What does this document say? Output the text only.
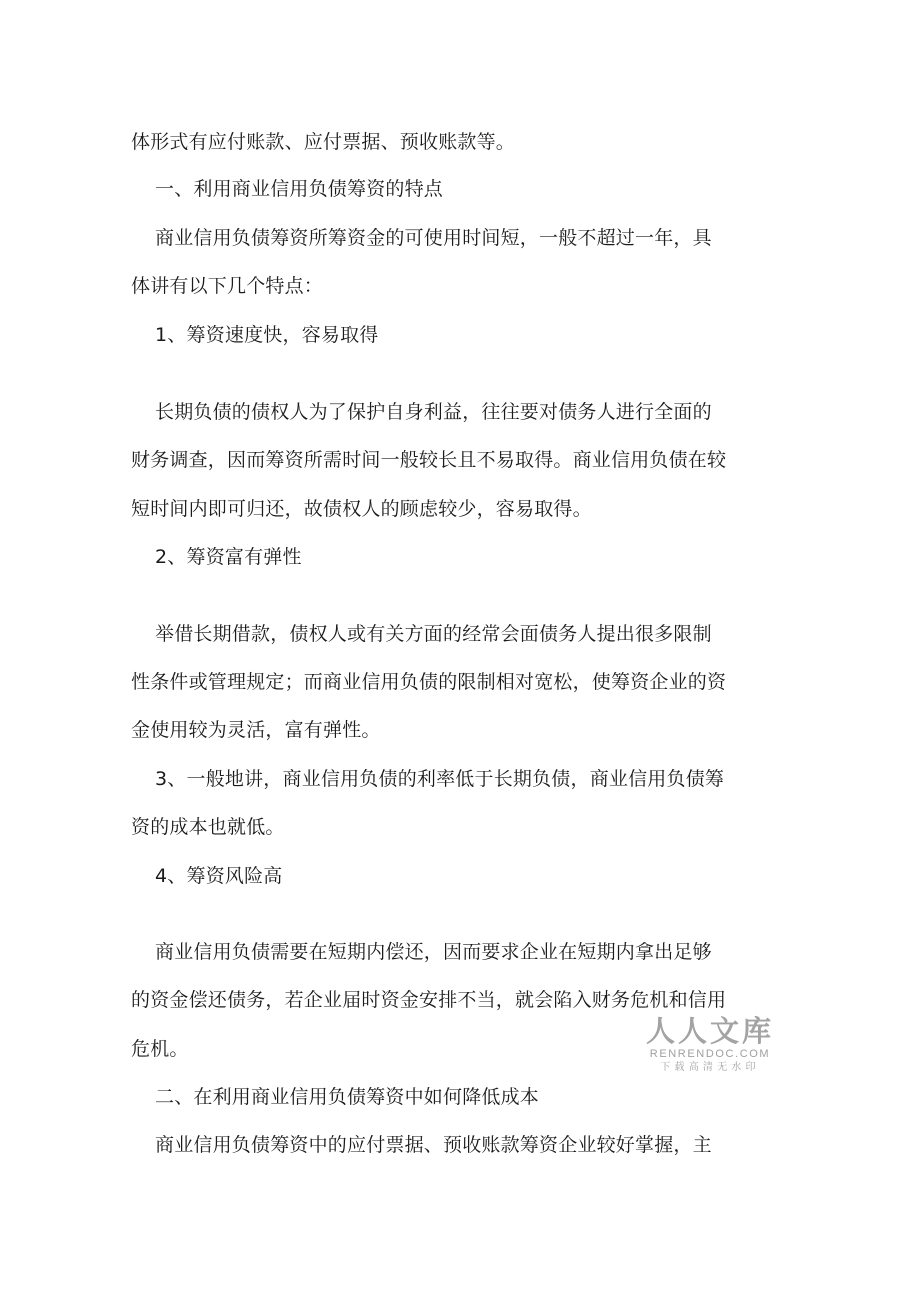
体形式有应付账款、应付票据、预收账款等。
一、利用商业信用负债筹资的特点
商业信用负债筹资所筹资金的可使用时间短，一般不超过一年，具
体讲有以下几个特点：
1、筹资速度快，容易取得
长期负债的债权人为了保护自身利益，往往要对债务人进行全面的
财务调查，因而筹资所需时间一般较长且不易取得。商业信用负债在较
短时间内即可归还，故债权人的顾虑较少，容易取得。
2、筹资富有弹性
举借长期借款，债权人或有关方面的经常会面债务人提出很多限制
性条件或管理规定；而商业信用负债的限制相对宽松，使筹资企业的资
金使用较为灵活，富有弹性。
3、一般地讲，商业信用负债的利率低于长期负债，商业信用负债筹
资的成本也就低。
4、筹资风险高
商业信用负债需要在短期内偿还，因而要求企业在短期内拿出足够
的资金偿还债务，若企业届时资金安排不当，就会陷入财务危机和信用
危机。
二、在利用商业信用负债筹资中如何降低成本
商业信用负债筹资中的应付票据、预收账款筹资企业较好掌握，主
人人文库
RENRENDOC.COM
下载高清无水印
